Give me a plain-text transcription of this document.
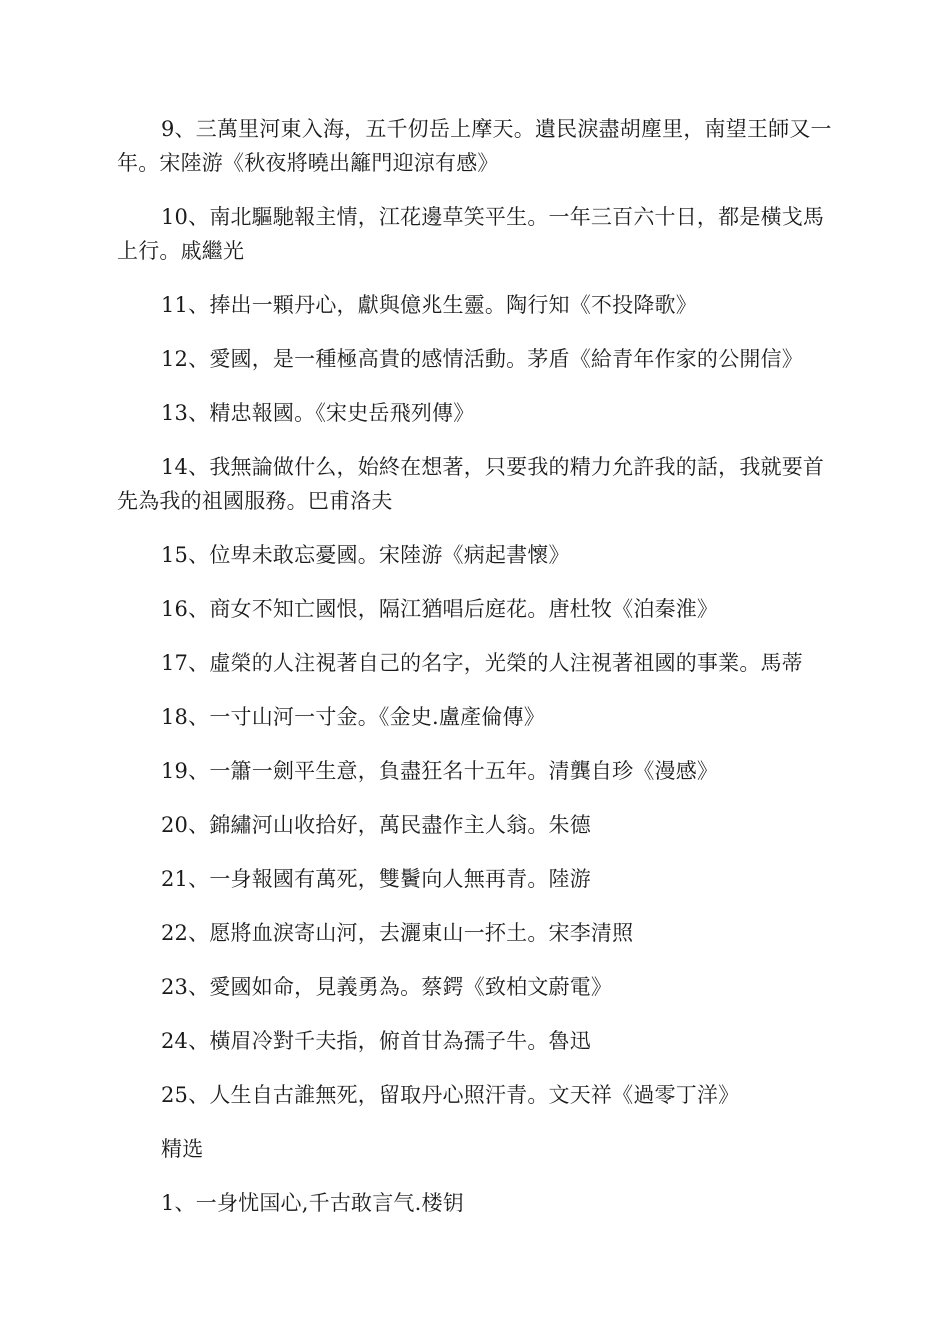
9、三萬里河東入海，五千仞岳上摩天。遺民淚盡胡塵里，南望王師又一年。宋陸游《秋夜將曉出籬門迎涼有感》

10、南北驅馳報主情，江花邊草笑平生。一年三百六十日，都是橫戈馬上行。戚繼光

11、捧出一顆丹心，獻與億兆生靈。陶行知《不投降歌》

12、愛國，是一種極高貴的感情活動。茅盾《給青年作家的公開信》

13、精忠報國。《宋史岳飛列傳》

14、我無論做什么，始終在想著，只要我的精力允許我的話，我就要首先為我的祖國服務。巴甫洛夫

15、位卑未敢忘憂國。宋陸游《病起書懷》

16、商女不知亡國恨，隔江猶唱后庭花。唐杜牧《泊秦淮》

17、虛榮的人注視著自己的名字，光榮的人注視著祖國的事業。馬蒂

18、一寸山河一寸金。《金史.盧產倫傳》

19、一簫一劍平生意，負盡狂名十五年。清龔自珍《漫感》

20、錦繡河山收拾好，萬民盡作主人翁。朱德

21、一身報國有萬死，雙鬢向人無再青。陸游

22、愿將血淚寄山河，去灑東山一抔土。宋李清照

23、愛國如命，見義勇為。蔡鍔《致柏文蔚電》

24、橫眉冷對千夫指，俯首甘為孺子牛。魯迅

25、人生自古誰無死，留取丹心照汗青。文天祥《過零丁洋》

精选

1、一身忧国心,千古敢言气.楼钥
